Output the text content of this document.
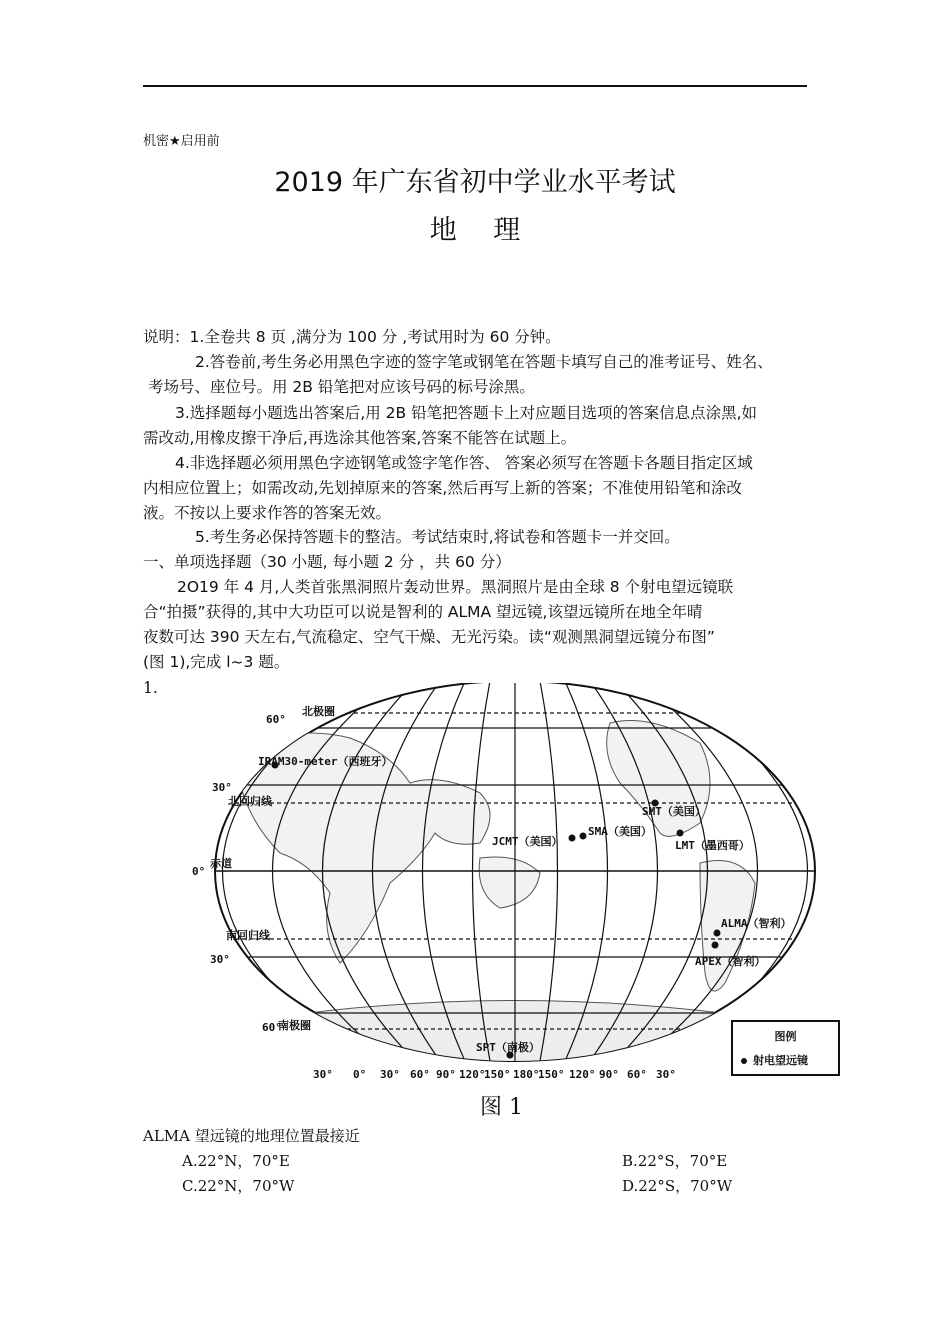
机密★启用前
2019 年广东省初中学业水平考试
地 理
说明：1.全卷共 8 页 ,满分为 100 分 ,考试用时为 60 分钟。
2.答卷前,考生务必用黑色字迹的签字笔或钢笔在答题卡填写自己的准考证号、姓名、
考场号、座位号。用 2B 铅笔把对应该号码的标号涂黑。
3.选择题每小题选出答案后,用 2B 铅笔把答题卡上对应题目选项的答案信息点涂黑,如
需改动,用橡皮擦干净后,再选涂其他答案,答案不能答在试题上。
4.非选择题必须用黑色字迹钢笔或签字笔作答、 答案必须写在答题卡各题目指定区域
内相应位置上；如需改动,先划掉原来的答案,然后再写上新的答案；不准使用铅笔和涂改
液。不按以上要求作答的答案无效。
5.考生务必保持答题卡的整洁。考试结束时,将试卷和答题卡一并交回。
一、单项选择题（30 小题, 每小题 2 分 ，共 60 分）
2O19 年 4 月,人类首张黑洞照片轰动世界。黑洞照片是由全球 8 个射电望远镜联
合“拍摄”获得的,其中大功臣可以说是智利的 ALMA 望远镜,该望远镜所在地全年晴
夜数可达 390 天左右,气流稳定、空气干燥、无光污染。读“观测黑洞望远镜分布图”
(图 1),完成 l~3 题。
1.
60°
30°
0°
30°
60°
北极圈
北回归线
赤道
南回归线
南极圈
IRAM30-meter（西班牙）
SMT（美国）
JCMT（美国）
SMA（美国）
LMT（墨西哥）
ALMA（智利）
APEX（智利）
SPT（南极）
30° 0° 30° 60° 90° 120°
150° 180°
150° 120° 90° 60° 30°
图例
射电望远镜
图 1
ALMA 望远镜的地理位置最接近
A.22°N，70°E	B.22°S，70°E
C.22°N，70°W	D.22°S，70°W
